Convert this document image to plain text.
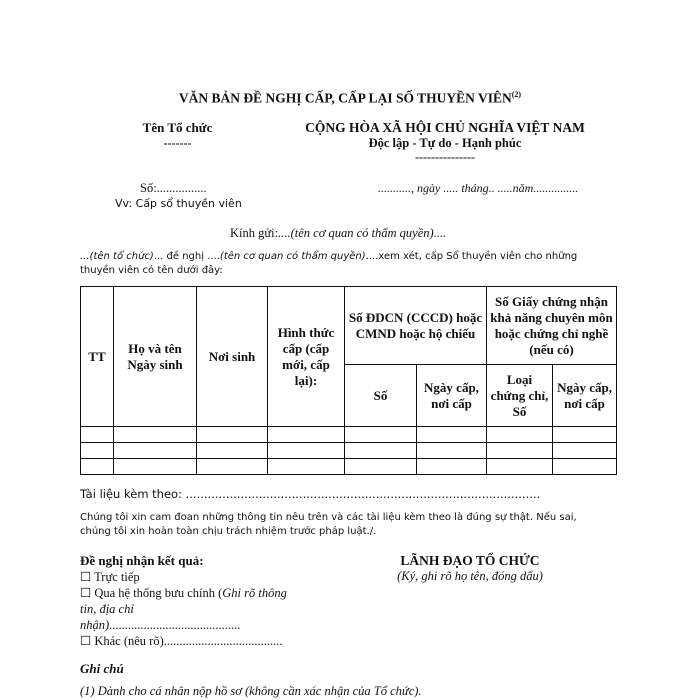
VĂN BẢN ĐỀ NGHỊ CẤP, CẤP LẠI SỐ THUYỀN VIÊN$^{(2)}$
Tên Tổ chức
-------
CỘNG HÒA XÃ HỘI CHỦ NGHĨA VIỆT NAM
Độc lập - Tự do - Hạnh phúc
---------------
Số:................	..........., ngày ..... tháng.. .....năm...............
Vv: Cấp sổ thuyền viên
Kính gửi:....(tên cơ quan có thẩm quyền)....
...(tên tổ chức)... đề nghị ....(tên cơ quan có thẩm quyền)....xem xét, cấp Sổ thuyền viên cho những
thuyền viên có tên dưới đây:
TT	Họ và tên Ngày sinh	Nơi sinh	Hình thức cấp (cấp mới, cấp lại):	Số ĐDCN (CCCD) hoặc CMND hoặc hộ chiếu		Số Giấy chứng nhận khả năng chuyên môn hoặc chứng chỉ nghề (nếu có)	
				Số	Ngày cấp, nơi cấp	Loại chứng chỉ, Số	Ngày cấp, nơi cấp

Tài liệu kèm theo: .................................................................................................
Chúng tôi xin cam đoan những thông tin nêu trên và các tài liệu kèm theo là đúng sự thật. Nếu sai,
chúng tôi xin hoàn toàn chịu trách nhiệm trước pháp luật./.
Đề nghị nhận kết quả:
☐ Trực tiếp
☐ Qua hệ thống bưu chính (Ghi rõ thông
tin, địa chỉ
nhận)..........................................
☐ Khác (nêu rõ)......................................
LÃNH ĐẠO TỔ CHỨC
(Ký, ghi rõ họ tên, đóng dấu)
Ghi chú
(1) Dành cho cá nhân nộp hồ sơ (không cần xác nhận của Tổ chức).
